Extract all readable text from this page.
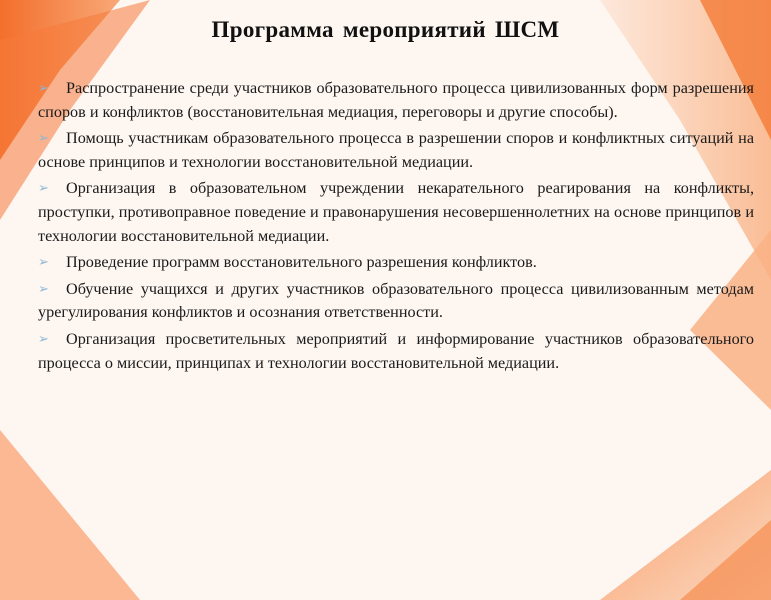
Программа мероприятий ШСМ
➢ Распространение среди участников образовательного процесса цивилизованных форм разрешения споров и конфликтов (восстановительная медиация, переговоры и другие способы).
➢ Помощь участникам образовательного процесса в разрешении споров и конфликтных ситуаций на основе принципов и технологии восстановительной медиации.
➢ Организация в образовательном учреждении некарательного реагирования на конфликты, проступки, противоправное поведение и правонарушения несовершеннолетних на основе принципов и технологии восстановительной медиации.
➢ Проведение программ восстановительного разрешения конфликтов.
➢ Обучение учащихся и других участников образовательного процесса цивилизованным методам урегулирования конфликтов и осознания ответственности.
➢ Организация просветительных мероприятий и информирование участников образовательного процесса о миссии, принципах и технологии восстановительной медиации.
